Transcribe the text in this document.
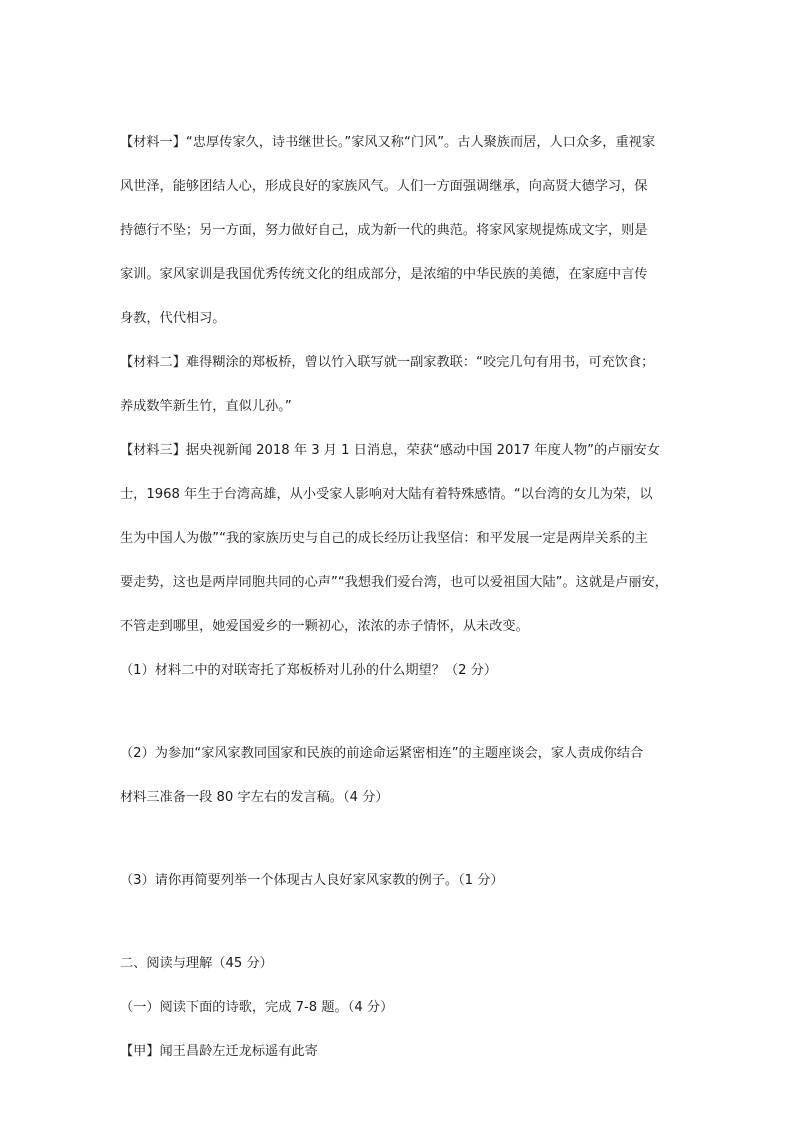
【材料一】“忠厚传家久，诗书继世长。”家风又称“门风”。古人聚族而居，人口众多，重视家
风世泽，能够团结人心，形成良好的家族风气。人们一方面强调继承，向高贤大德学习，保
持德行不坠；另一方面，努力做好自己，成为新一代的典范。将家风家规提炼成文字，则是
家训。家风家训是我国优秀传统文化的组成部分，是浓缩的中华民族的美德，在家庭中言传
身教，代代相习。
【材料二】难得糊涂的郑板桥，曾以竹入联写就一副家教联：“咬完几句有用书，可充饮食；
养成数竿新生竹，直似儿孙。”
【材料三】据央视新闻 2018 年 3 月 1 日消息，荣获“感动中国 2017 年度人物”的卢丽安女
士，1968 年生于台湾高雄，从小受家人影响对大陆有着特殊感情。“以台湾的女儿为荣，以
生为中国人为傲”“我的家族历史与自己的成长经历让我坚信：和平发展一定是两岸关系的主
要走势，这也是两岸同胞共同的心声”“我想我们爱台湾，也可以爱祖国大陆”。这就是卢丽安，
不管走到哪里，她爱国爱乡的一颗初心，浓浓的赤子情怀，从未改变。
（1）材料二中的对联寄托了郑板桥对儿孙的什么期望？（2 分）
（2）为参加“家风家教同国家和民族的前途命运紧密相连”的主题座谈会，家人责成你结合
材料三准备一段 80 字左右的发言稿。（4 分）
（3）请你再简要列举一个体现古人良好家风家教的例子。（1 分）
二、阅读与理解（45 分）
（一）阅读下面的诗歌，完成 7-8 题。（4 分）
【甲】闻王昌龄左迁龙标遥有此寄
